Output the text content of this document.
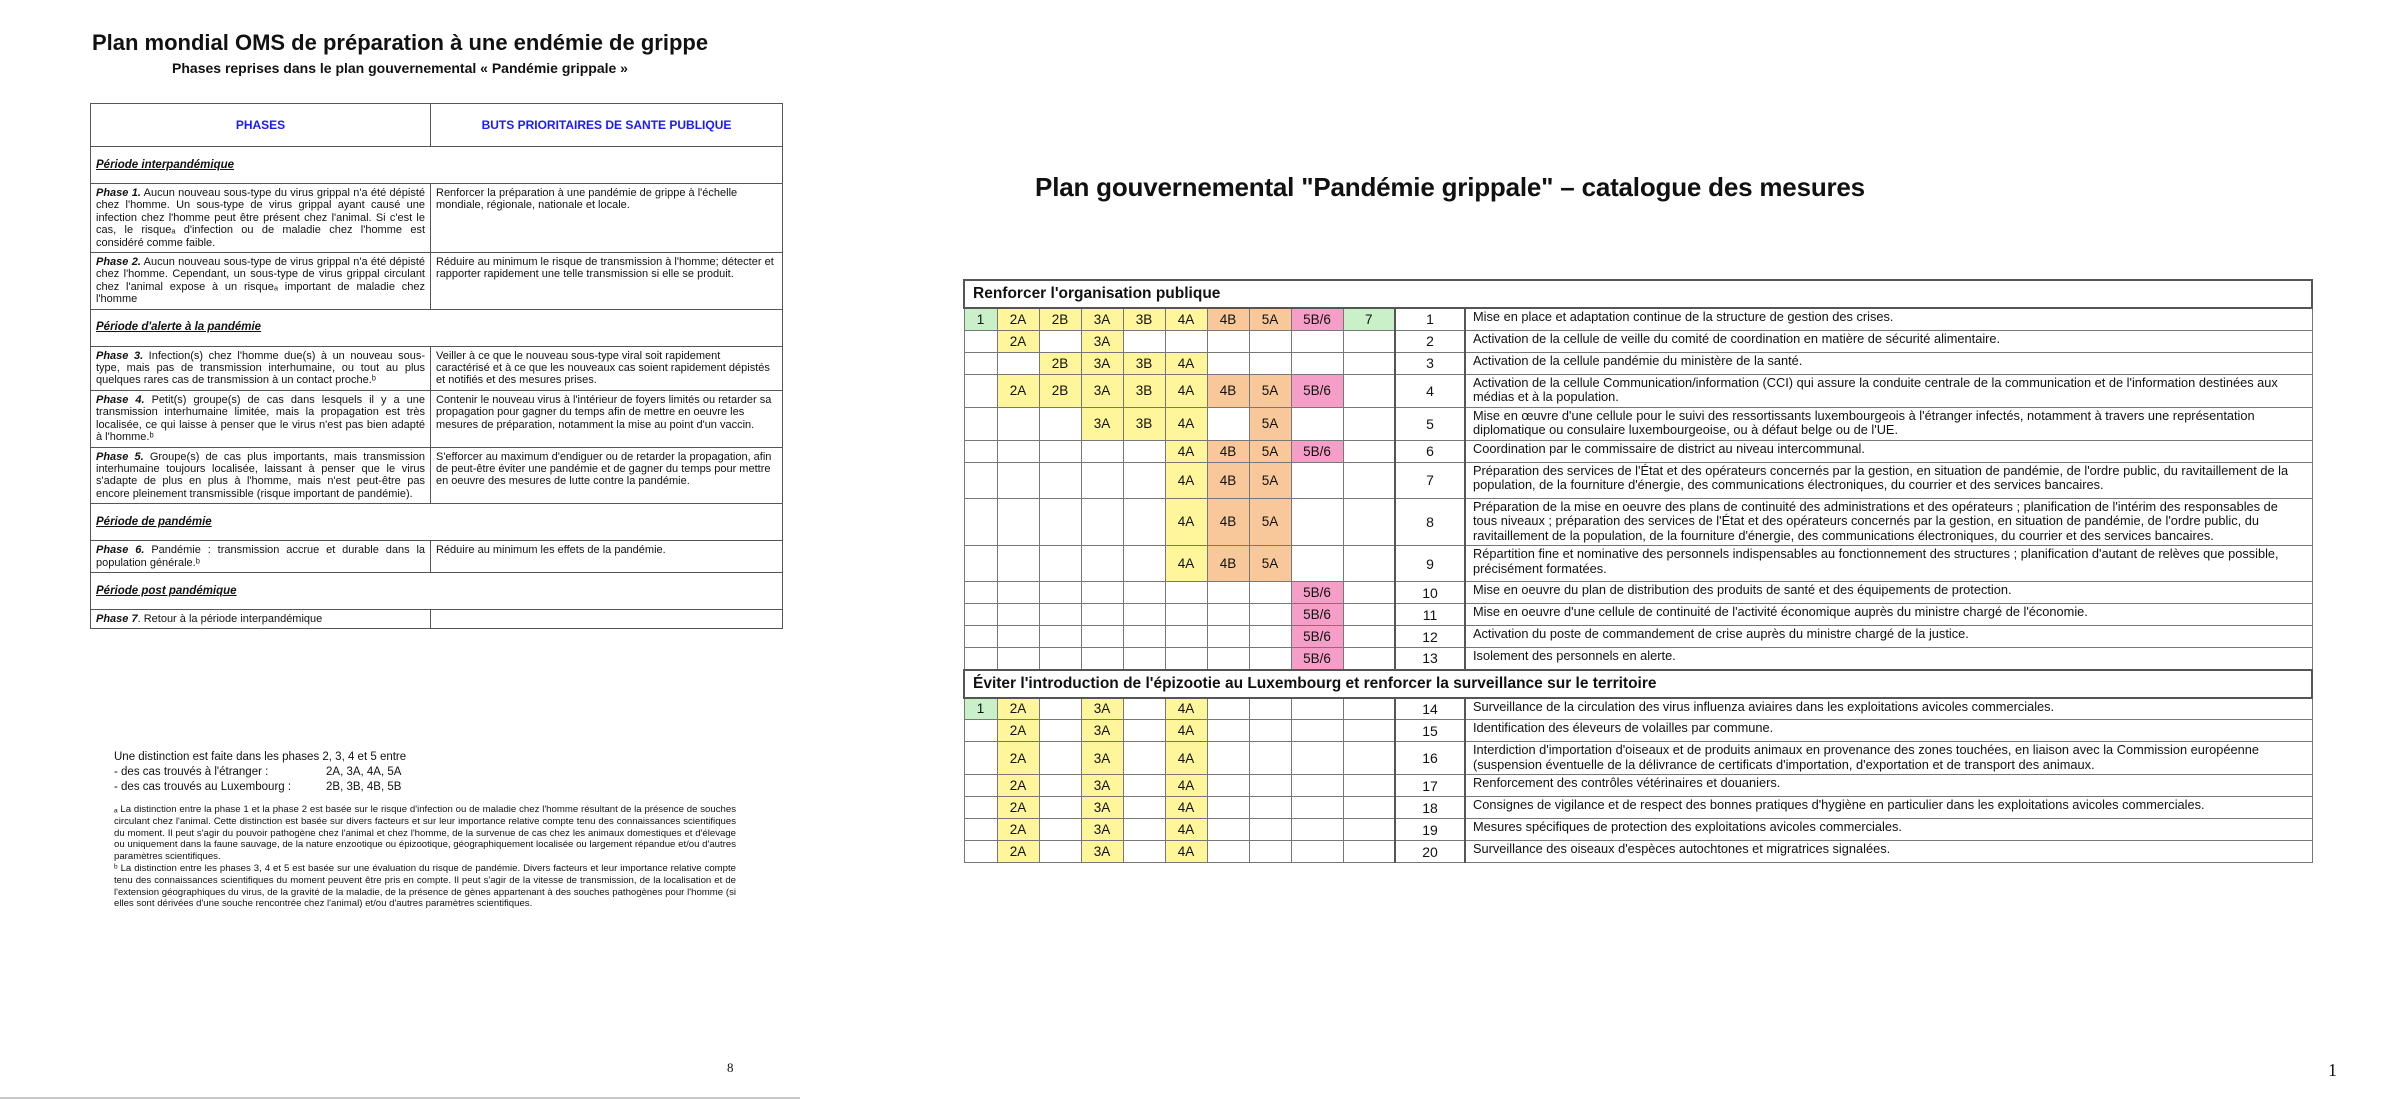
Plan mondial OMS de préparation à une endémie de grippe
Phases reprises dans le plan gouvernemental « Pandémie grippale »
PHASES	BUTS PRIORITAIRES DE SANTE PUBLIQUE
Période interpandémique	
Phase 1. Aucun nouveau sous-type du virus grippal n'a été dépisté chez l'homme. Un sous-type de virus grippal ayant causé une infection chez l'homme peut être présent chez l'animal. Si c'est le cas, le risqueₐ d'infection ou de maladie chez l'homme est considéré comme faible.	Renforcer la préparation à une pandémie de grippe à l'échelle mondiale, régionale, nationale et locale.
Phase 2. Aucun nouveau sous-type de virus grippal n'a été dépisté chez l'homme. Cependant, un sous-type de virus grippal circulant chez l'animal expose à un risqueₐ important de maladie chez l'homme	Réduire au minimum le risque de transmission à l'homme; détecter et rapporter rapidement une telle transmission si elle se produit.
Période d'alerte à la pandémie	
Phase 3. Infection(s) chez l'homme due(s) à un nouveau sous-type, mais pas de transmission interhumaine, ou tout au plus quelques rares cas de transmission à un contact proche.ᵇ	Veiller à ce que le nouveau sous-type viral soit rapidement caractérisé et à ce que les nouveaux cas soient rapidement dépistés et notifiés et des mesures prises.
Phase 4. Petit(s) groupe(s) de cas dans lesquels il y a une transmission interhumaine limitée, mais la propagation est très localisée, ce qui laisse à penser que le virus n'est pas bien adapté à l'homme.ᵇ	Contenir le nouveau virus à l'intérieur de foyers limités ou retarder sa propagation pour gagner du temps afin de mettre en oeuvre les mesures de préparation, notamment la mise au point d'un vaccin.
Phase 5. Groupe(s) de cas plus importants, mais transmission interhumaine toujours localisée, laissant à penser que le virus s'adapte de plus en plus à l'homme, mais n'est peut-être pas encore pleinement transmissible (risque important de pandémie).	S'efforcer au maximum d'endiguer ou de retarder la propagation, afin de peut-être éviter une pandémie et de gagner du temps pour mettre en oeuvre des mesures de lutte contre la pandémie.
Période de pandémie	
Phase 6. Pandémie : transmission accrue et durable dans la population générale.ᵇ	Réduire au minimum les effets de la pandémie.
Période post pandémique	
Phase 7. Retour à la période interpandémique	
Une distinction est faite dans les phases 2, 3, 4 et 5 entre
- des cas trouvés à l'étranger :	2A, 3A, 4A, 5A
- des cas trouvés au Luxembourg :	2B, 3B, 4B, 5B

ₐ La distinction entre la phase 1 et la phase 2 est basée sur le risque d'infection ou de maladie chez l'homme résultant de la présence de souches circulant chez l'animal. Cette distinction est basée sur divers facteurs et sur leur importance relative compte tenu des connaissances scientifiques du moment. Il peut s'agir du pouvoir pathogène chez l'animal et chez l'homme, de la survenue de cas chez les animaux domestiques et d'élevage ou uniquement dans la faune sauvage, de la nature enzootique ou épizootique, géographiquement localisée ou largement répandue et/ou d'autres paramètres scientifiques.

ᵇ La distinction entre les phases 3, 4 et 5 est basée sur une évaluation du risque de pandémie. Divers facteurs et leur importance relative compte tenu des connaissances scientifiques du moment peuvent être pris en compte. Il peut s'agir de la vitesse de transmission, de la localisation et de l'extension géographiques du virus, de la gravité de la maladie, de la présence de gènes appartenant à des souches pathogènes pour l'homme (si elles sont dérivées d'une souche rencontrée chez l'animal) et/ou d'autres paramètres scientifiques.

8
Plan gouvernemental "Pandémie grippale" – catalogue des mesures
Renforcer l'organisation publique											
1	2A	2B	3A	3B	4A	4B	5A	5B/6	7	1	Mise en place et adaptation continue de la structure de gestion des crises.
	2A		3A							2	Activation de la cellule de veille du comité de coordination en matière de sécurité alimentaire.
		2B	3A	3B	4A					3	Activation de la cellule pandémie du ministère de la santé.
	2A	2B	3A	3B	4A	4B	5A	5B/6		4	Activation de la cellule Communication/information (CCI) qui assure la conduite centrale de la communication et de l'information destinées aux médias et à la population.
			3A	3B	4A		5A			5	Mise en œuvre d'une cellule pour le suivi des ressortissants luxembourgeois à l'étranger infectés, notamment à travers une représentation diplomatique ou consulaire luxembourgeoise, ou à défaut belge ou de l'UE.
					4A	4B	5A	5B/6		6	Coordination par le commissaire de district au niveau intercommunal.
					4A	4B	5A			7	Préparation des services de l'État et des opérateurs concernés par la gestion, en situation de pandémie, de l'ordre public, du ravitaillement de la population, de la fourniture d'énergie, des communications électroniques, du courrier et des services bancaires.
					4A	4B	5A			8	Préparation de la mise en oeuvre des plans de continuité des administrations et des opérateurs ; planification de l'intérim des responsables de tous niveaux ; préparation des services de l'État et des opérateurs concernés par la gestion, en situation de pandémie, de l'ordre public, du ravitaillement de la population, de la fourniture d'énergie, des communications électroniques, du courrier et des services bancaires.
					4A	4B	5A			9	Répartition fine et nominative des personnels indispensables au fonctionnement des structures ; planification d'autant de relèves que possible, précisément formatées.
								5B/6		10	Mise en oeuvre du plan de distribution des produits de santé et des équipements de protection.
								5B/6		11	Mise en oeuvre d'une cellule de continuité de l'activité économique auprès du ministre chargé de l'économie.
								5B/6		12	Activation du poste de commandement de crise auprès du ministre chargé de la justice.
								5B/6		13	Isolement des personnels en alerte.
Éviter l'introduction de l'épizootie au Luxembourg et renforcer la surveillance sur le territoire											
1	2A		3A		4A					14	Surveillance de la circulation des virus influenza aviaires dans les exploitations avicoles commerciales.
	2A		3A		4A					15	Identification des éleveurs de volailles par commune.
	2A		3A		4A					16	Interdiction d'importation d'oiseaux et de produits animaux en provenance des zones touchées, en liaison avec la Commission européenne (suspension éventuelle de la délivrance de certificats d'importation, d'exportation et de transport des animaux.
	2A		3A		4A					17	Renforcement des contrôles vétérinaires et douaniers.
	2A		3A		4A					18	Consignes de vigilance et de respect des bonnes pratiques d'hygiène en particulier dans les exploitations avicoles commerciales.
	2A		3A		4A					19	Mesures spécifiques de protection des exploitations avicoles commerciales.
	2A		3A		4A					20	Surveillance des oiseaux d'espèces autochtones et migratrices signalées.
1
